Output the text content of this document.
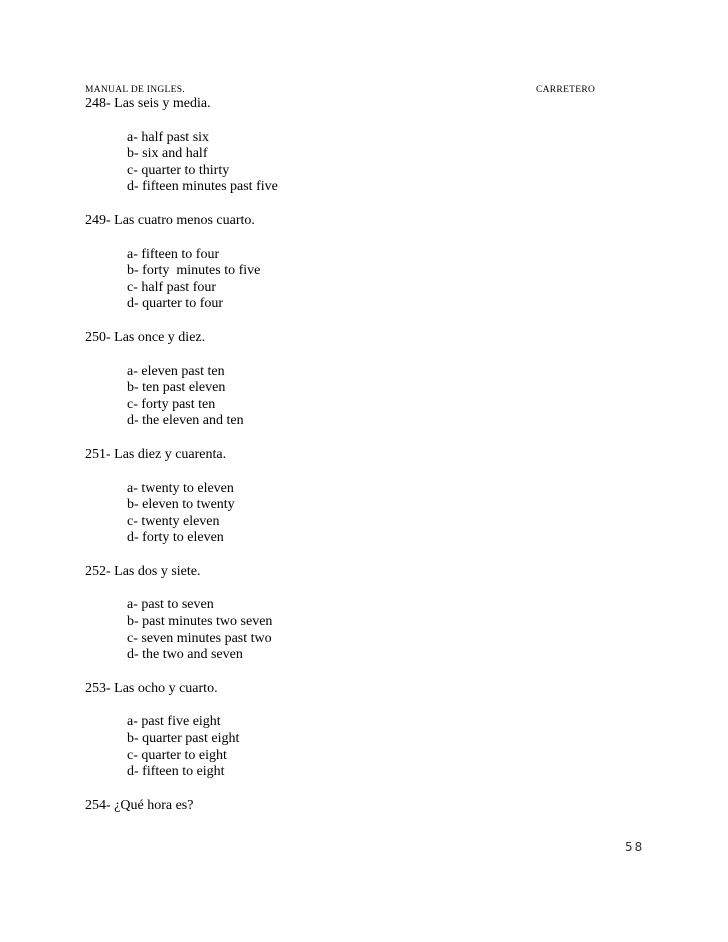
MANUAL DE INGLES.	CARRETERO

248- Las seis y media.

a- half past six
b- six and half
c- quarter to thirty
d- fifteen minutes past five

249- Las cuatro menos cuarto.

a- fifteen to four
b- forty  minutes to five
c- half past four
d- quarter to four

250- Las once y diez.

a- eleven past ten
b- ten past eleven
c- forty past ten
d- the eleven and ten

251- Las diez y cuarenta.

a- twenty to eleven
b- eleven to twenty
c- twenty eleven
d- forty to eleven

252- Las dos y siete.

a- past to seven
b- past minutes two seven
c- seven minutes past two
d- the two and seven

253- Las ocho y cuarto.

a- past five eight
b- quarter past eight
c- quarter to eight
d- fifteen to eight

254- ¿Qué hora es?

58
